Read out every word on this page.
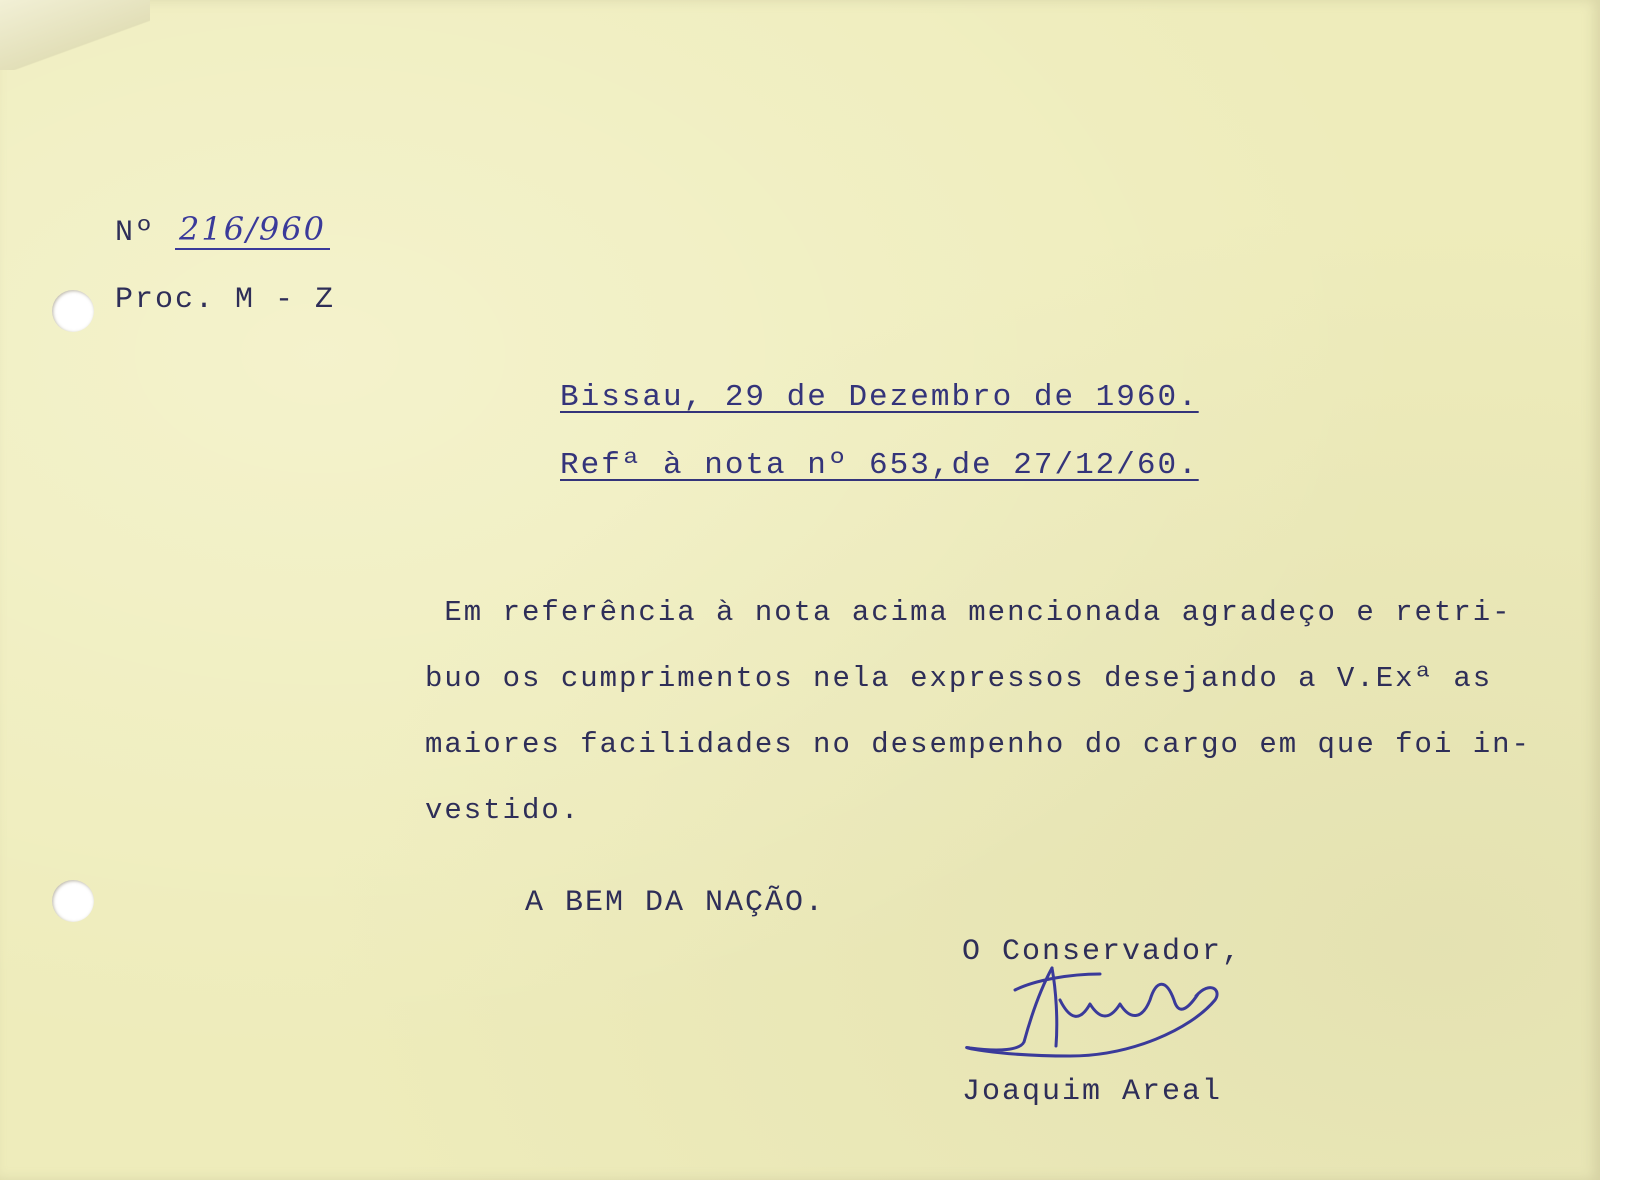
Nº 216/960
Proc. M - Z
Bissau, 29 de Dezembro de 1960.
Refª à nota nº 653,de 27/12/60.

Em referência à nota acima mencionada agradeço e retri-

buo os cumprimentos nela expressos desejando a V.Exª as

maiores facilidades no desempenho do cargo em que foi in-

vestido.

A BEM DA NAÇÃO.
O Conservador,
Joaquim Areal
